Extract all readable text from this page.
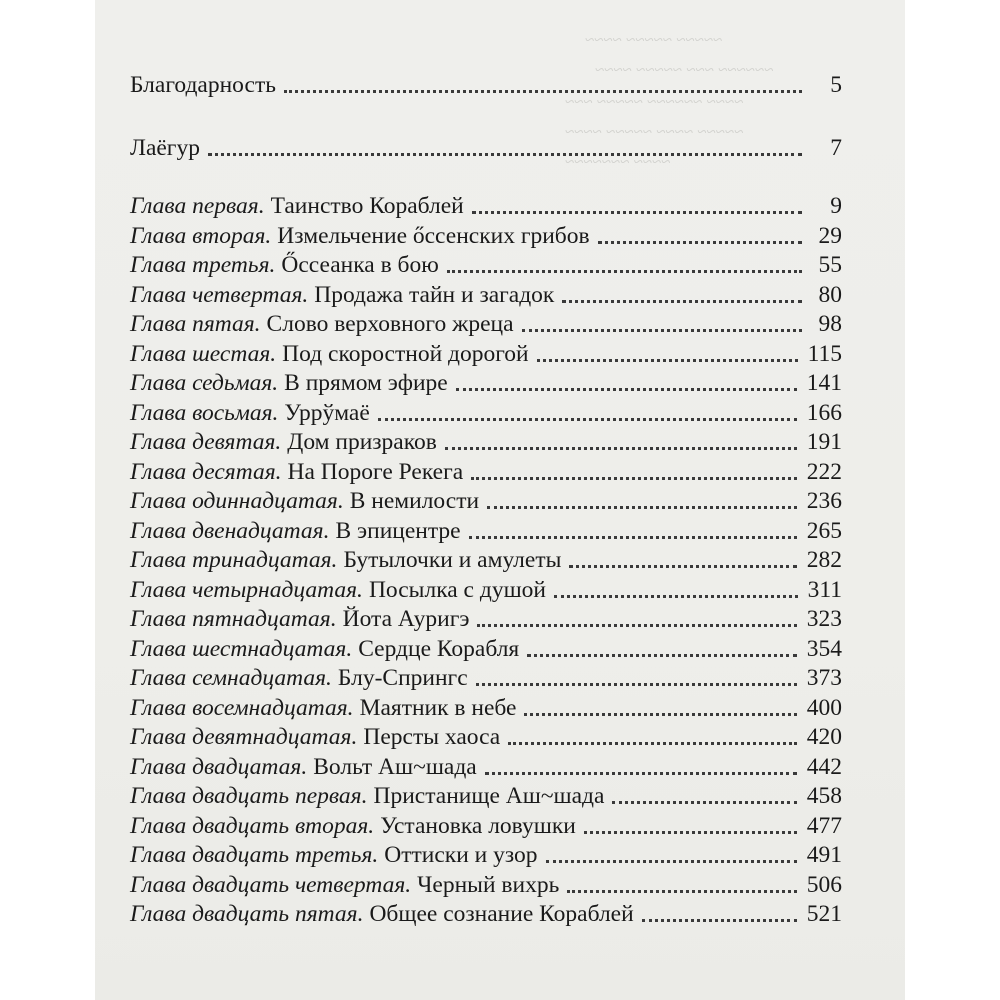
~~~~~ ~~~~~ ~~~~
~~~~~~ ~~~ ~~~~~ ~~~~
~~~~ ~~~~~~ ~~~~~ ~~~
~~~~~ ~~~~ ~~~~~ ~~~~
~~~~ ~~~~~~~
Благодарность	5
Лаёгур	7
Глава первая. Таинство Кораблей	9
Глава вторая. Измельчение őссенских грибов	29
Глава третья. Őссеанка в бою	55
Глава четвертая. Продажа тайн и загадок	80
Глава пятая. Слово верховного жреца	98
Глава шестая. Под скоростной дорогой	115
Глава седьмая. В прямом эфире	141
Глава восьмая. Уррўмаё	166
Глава девятая. Дом призраков	191
Глава десятая. На Пороге Рекега	222
Глава одиннадцатая. В немилости	236
Глава двенадцатая. В эпицентре	265
Глава тринадцатая. Бутылочки и амулеты	282
Глава четырнадцатая. Посылка с душой	311
Глава пятнадцатая. Йота Ауригэ	323
Глава шестнадцатая. Сердце Корабля	354
Глава семнадцатая. Блу-Спрингс	373
Глава восемнадцатая. Маятник в небе	400
Глава девятнадцатая. Персты хаоса	420
Глава двадцатая. Вольт Аш~шада	442
Глава двадцать первая. Пристанище Аш~шада	458
Глава двадцать вторая. Установка ловушки	477
Глава двадцать третья. Оттиски и узор	491
Глава двадцать четвертая. Черный вихрь	506
Глава двадцать пятая. Общее сознание Кораблей	521
